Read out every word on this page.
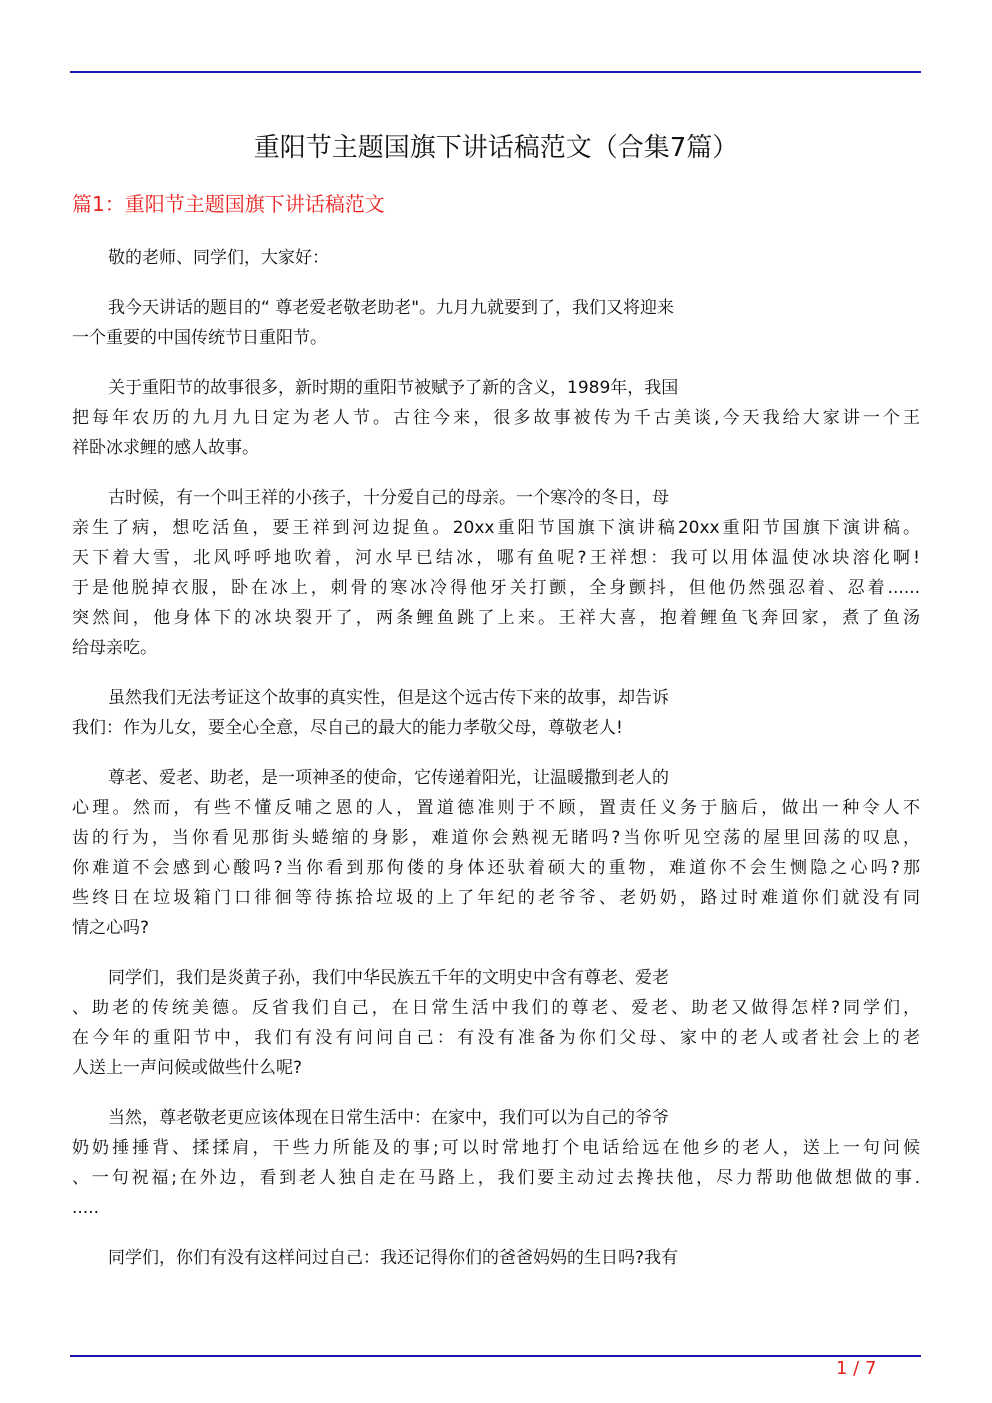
重阳节主题国旗下讲话稿范文（合集7篇）
篇1：重阳节主题国旗下讲话稿范文
敬的老师、同学们，大家好：
我今天讲话的题目的“ 尊老爱老敬老助老"。九月九就要到了，我们又将迎来
一个重要的中国传统节日重阳节。
关于重阳节的故事很多，新时期的重阳节被赋予了新的含义，1989年，我国
把每年农历的九月九日定为老人节。古往今来，很多故事被传为千古美谈,今天我给大家讲一个王
祥卧冰求鲤的感人故事。
古时候，有一个叫王祥的小孩子，十分爱自己的母亲。一个寒冷的冬日，母
亲生了病，想吃活鱼，要王祥到河边捉鱼。20xx重阳节国旗下演讲稿20xx重阳节国旗下演讲稿。
天下着大雪，北风呼呼地吹着，河水早已结冰，哪有鱼呢?王祥想：我可以用体温使冰块溶化啊!
于是他脱掉衣服，卧在冰上，刺骨的寒冰冷得他牙关打颤，全身颤抖，但他仍然强忍着、忍着......
突然间，他身体下的冰块裂开了，两条鲤鱼跳了上来。王祥大喜，抱着鲤鱼飞奔回家，煮了鱼汤
给母亲吃。
虽然我们无法考证这个故事的真实性，但是这个远古传下来的故事，却告诉
我们：作为儿女，要全心全意，尽自己的最大的能力孝敬父母，尊敬老人!
尊老、爱老、助老，是一项神圣的使命，它传递着阳光，让温暖撒到老人的
心理。然而，有些不懂反哺之恩的人，置道德准则于不顾，置责任义务于脑后，做出一种令人不
齿的行为，当你看见那街头蜷缩的身影，难道你会熟视无睹吗?当你听见空荡的屋里回荡的叹息，
你难道不会感到心酸吗?当你看到那佝偻的身体还驮着硕大的重物，难道你不会生恻隐之心吗?那
些终日在垃圾箱门口徘徊等待拣拾垃圾的上了年纪的老爷爷、老奶奶，路过时难道你们就没有同
情之心吗?
同学们，我们是炎黄子孙，我们中华民族五千年的文明史中含有尊老、爱老
、助老的传统美德。反省我们自己，在日常生活中我们的尊老、爱老、助老又做得怎样?同学们，
在今年的重阳节中，我们有没有问问自己：有没有准备为你们父母、家中的老人或者社会上的老
人送上一声问候或做些什么呢?
当然，尊老敬老更应该体现在日常生活中：在家中，我们可以为自己的爷爷
奶奶捶捶背、揉揉肩，干些力所能及的事;可以时常地打个电话给远在他乡的老人，送上一句问候
、一句祝福;在外边，看到老人独自走在马路上，我们要主动过去搀扶他，尽力帮助他做想做的事.
.....
同学们，你们有没有这样问过自己：我还记得你们的爸爸妈妈的生日吗?我有
1 / 7
